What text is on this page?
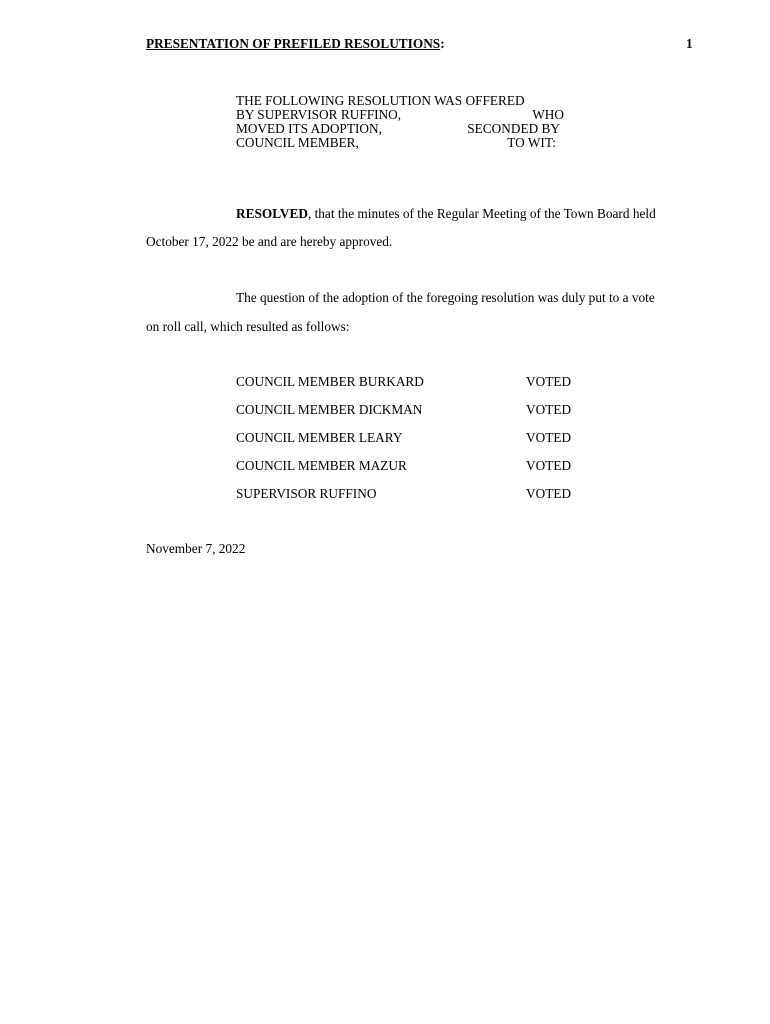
PRESENTATION OF PREFILED RESOLUTIONS:	1
THE FOLLOWING RESOLUTION WAS OFFERED
BY SUPERVISOR RUFFINO,	WHO
MOVED ITS ADOPTION,	SECONDED BY
COUNCIL MEMBER,	TO WIT:
RESOLVED, that the minutes of the Regular Meeting of the Town Board held
October 17, 2022 be and are hereby approved.
The question of the adoption of the foregoing resolution was duly put to a vote
on roll call, which resulted as follows:
COUNCIL MEMBER BURKARD	VOTED
COUNCIL MEMBER DICKMAN	VOTED
COUNCIL MEMBER LEARY	VOTED
COUNCIL MEMBER MAZUR	VOTED
SUPERVISOR RUFFINO	VOTED
November 7, 2022
